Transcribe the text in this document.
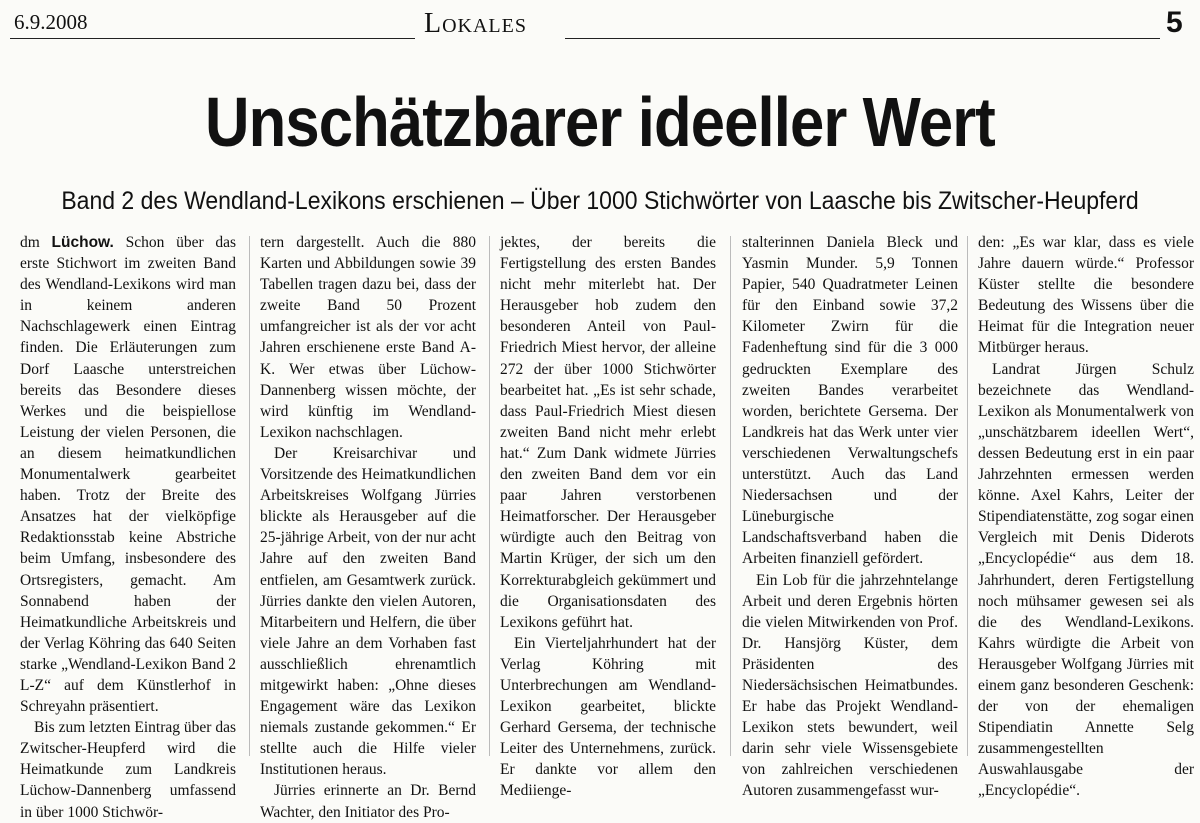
6.9.2008	Lokales	5
Unschätzbarer ideeller Wert
Band 2 des Wendland-Lexikons erschienen – Über 1000 Stichwörter von Laasche bis Zwitscher-Heupferd

dm Lüchow. Schon über das erste Stichwort im zweiten Band des Wendland-Lexikons wird man in keinem anderen Nachschlagewerk einen Eintrag finden. Die Erläuterungen zum Dorf Laasche unterstreichen bereits das Besondere dieses Werkes und die beispiellose Leistung der vielen Personen, die an diesem heimatkundlichen Monumentalwerk gearbeitet haben. Trotz der Breite des Ansatzes hat der vielköpfige Redaktionsstab keine Abstriche beim Umfang, insbesondere des Ortsregisters, gemacht. Am Sonnabend haben der Heimatkundliche Arbeitskreis und der Verlag Köhring das 640 Seiten starke „Wendland-Lexikon Band 2 L-Z“ auf dem Künstlerhof in Schreyahn präsentiert.

Bis zum letzten Eintrag über das Zwitscher-Heupferd wird die Heimatkunde zum Landkreis Lüchow-Dannenberg umfassend in über 1000 Stichwör-

tern dargestellt. Auch die 880 Karten und Abbildungen sowie 39 Tabellen tragen dazu bei, dass der zweite Band 50 Prozent umfangreicher ist als der vor acht Jahren erschienene erste Band A-K. Wer etwas über Lüchow-Dannenberg wissen möchte, der wird künftig im Wendland-Lexikon nachschlagen.

Der Kreisarchivar und Vorsitzende des Heimatkundlichen Arbeitskreises Wolfgang Jürries blickte als Herausgeber auf die 25-jährige Arbeit, von der nur acht Jahre auf den zweiten Band entfielen, am Gesamtwerk zurück. Jürries dankte den vielen Autoren, Mitarbeitern und Helfern, die über viele Jahre an dem Vorhaben fast ausschließlich ehrenamtlich mitgewirkt haben: „Ohne dieses Engagement wäre das Lexikon niemals zustande gekommen.“ Er stellte auch die Hilfe vieler Institutionen heraus.

Jürries erinnerte an Dr. Bernd Wachter, den Initiator des Pro-

jektes, der bereits die Fertigstellung des ersten Bandes nicht mehr miterlebt hat. Der Herausgeber hob zudem den besonderen Anteil von Paul-Friedrich Miest hervor, der alleine 272 der über 1000 Stichwörter bearbeitet hat. „Es ist sehr schade, dass Paul-Friedrich Miest diesen zweiten Band nicht mehr erlebt hat.“ Zum Dank widmete Jürries den zweiten Band dem vor ein paar Jahren verstorbenen Heimatforscher. Der Herausgeber würdigte auch den Beitrag von Martin Krüger, der sich um den Korrekturabgleich gekümmert und die Organisationsdaten des Lexikons geführt hat.

Ein Vierteljahrhundert hat der Verlag Köhring mit Unterbrechungen am Wendland-Lexikon gearbeitet, blickte Gerhard Gersema, der technische Leiter des Unternehmens, zurück. Er dankte vor allem den Mediienge-

stalterinnen Daniela Bleck und Yasmin Munder. 5,9 Tonnen Papier, 540 Quadratmeter Leinen für den Einband sowie 37,2 Kilometer Zwirn für die Fadenheftung sind für die 3 000 gedruckten Exemplare des zweiten Bandes verarbeitet worden, berichtete Gersema. Der Landkreis hat das Werk unter vier verschiedenen Verwaltungschefs unterstützt. Auch das Land Niedersachsen und der Lüneburgische Landschaftsverband haben die Arbeiten finanziell gefördert.

Ein Lob für die jahrzehntelange Arbeit und deren Ergebnis hörten die vielen Mitwirkenden von Prof. Dr. Hansjörg Küster, dem Präsidenten des Niedersächsischen Heimatbundes. Er habe das Projekt Wendland-Lexikon stets bewundert, weil darin sehr viele Wissensgebiete von zahlreichen verschiedenen Autoren zusammengefasst wur-

den: „Es war klar, dass es viele Jahre dauern würde.“ Professor Küster stellte die besondere Bedeutung des Wissens über die Heimat für die Integration neuer Mitbürger heraus.

Landrat Jürgen Schulz bezeichnete das Wendland-Lexikon als Monumentalwerk von „unschätzbarem ideellen Wert“, dessen Bedeutung erst in ein paar Jahrzehnten ermessen werden könne. Axel Kahrs, Leiter der Stipendiatenstätte, zog sogar einen Vergleich mit Denis Diderots „Encyclopédie“ aus dem 18. Jahrhundert, deren Fertigstellung noch mühsamer gewesen sei als die des Wendland-Lexikons. Kahrs würdigte die Arbeit von Herausgeber Wolfgang Jürries mit einem ganz besonderen Geschenk: der von der ehemaligen Stipendiatin Annette Selg zusammengestellten Auswahlausgabe der „Encyclopédie“.
